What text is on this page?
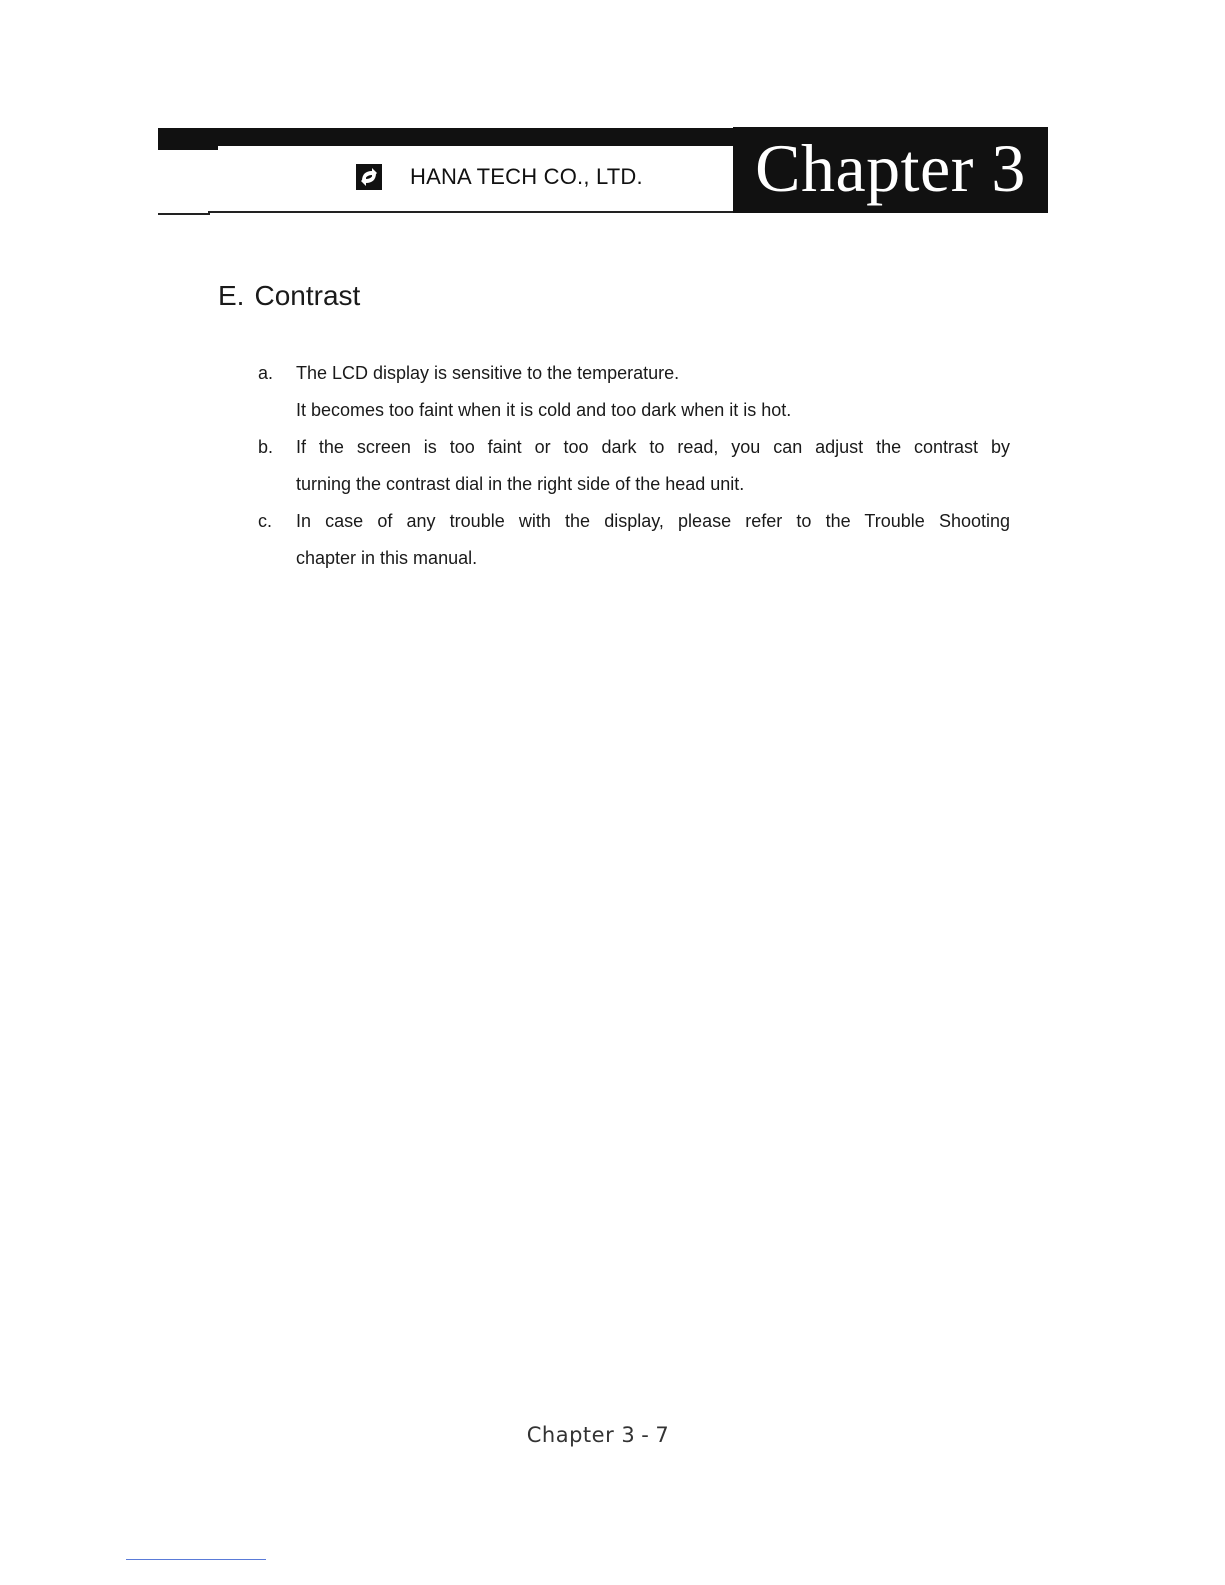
HANA TECH CO., LTD. Chapter 3
E. Contrast
a.	The LCD display is sensitive to the temperature.
It becomes too faint when it is cold and too dark when it is hot.
b.	If the screen is too faint or too dark to read, you can adjust the contrast by
turning the contrast dial in the right side of the head unit.
c.	In case of any trouble with the display, please refer to the Trouble Shooting
chapter in this manual.
Chapter 3 - 7
